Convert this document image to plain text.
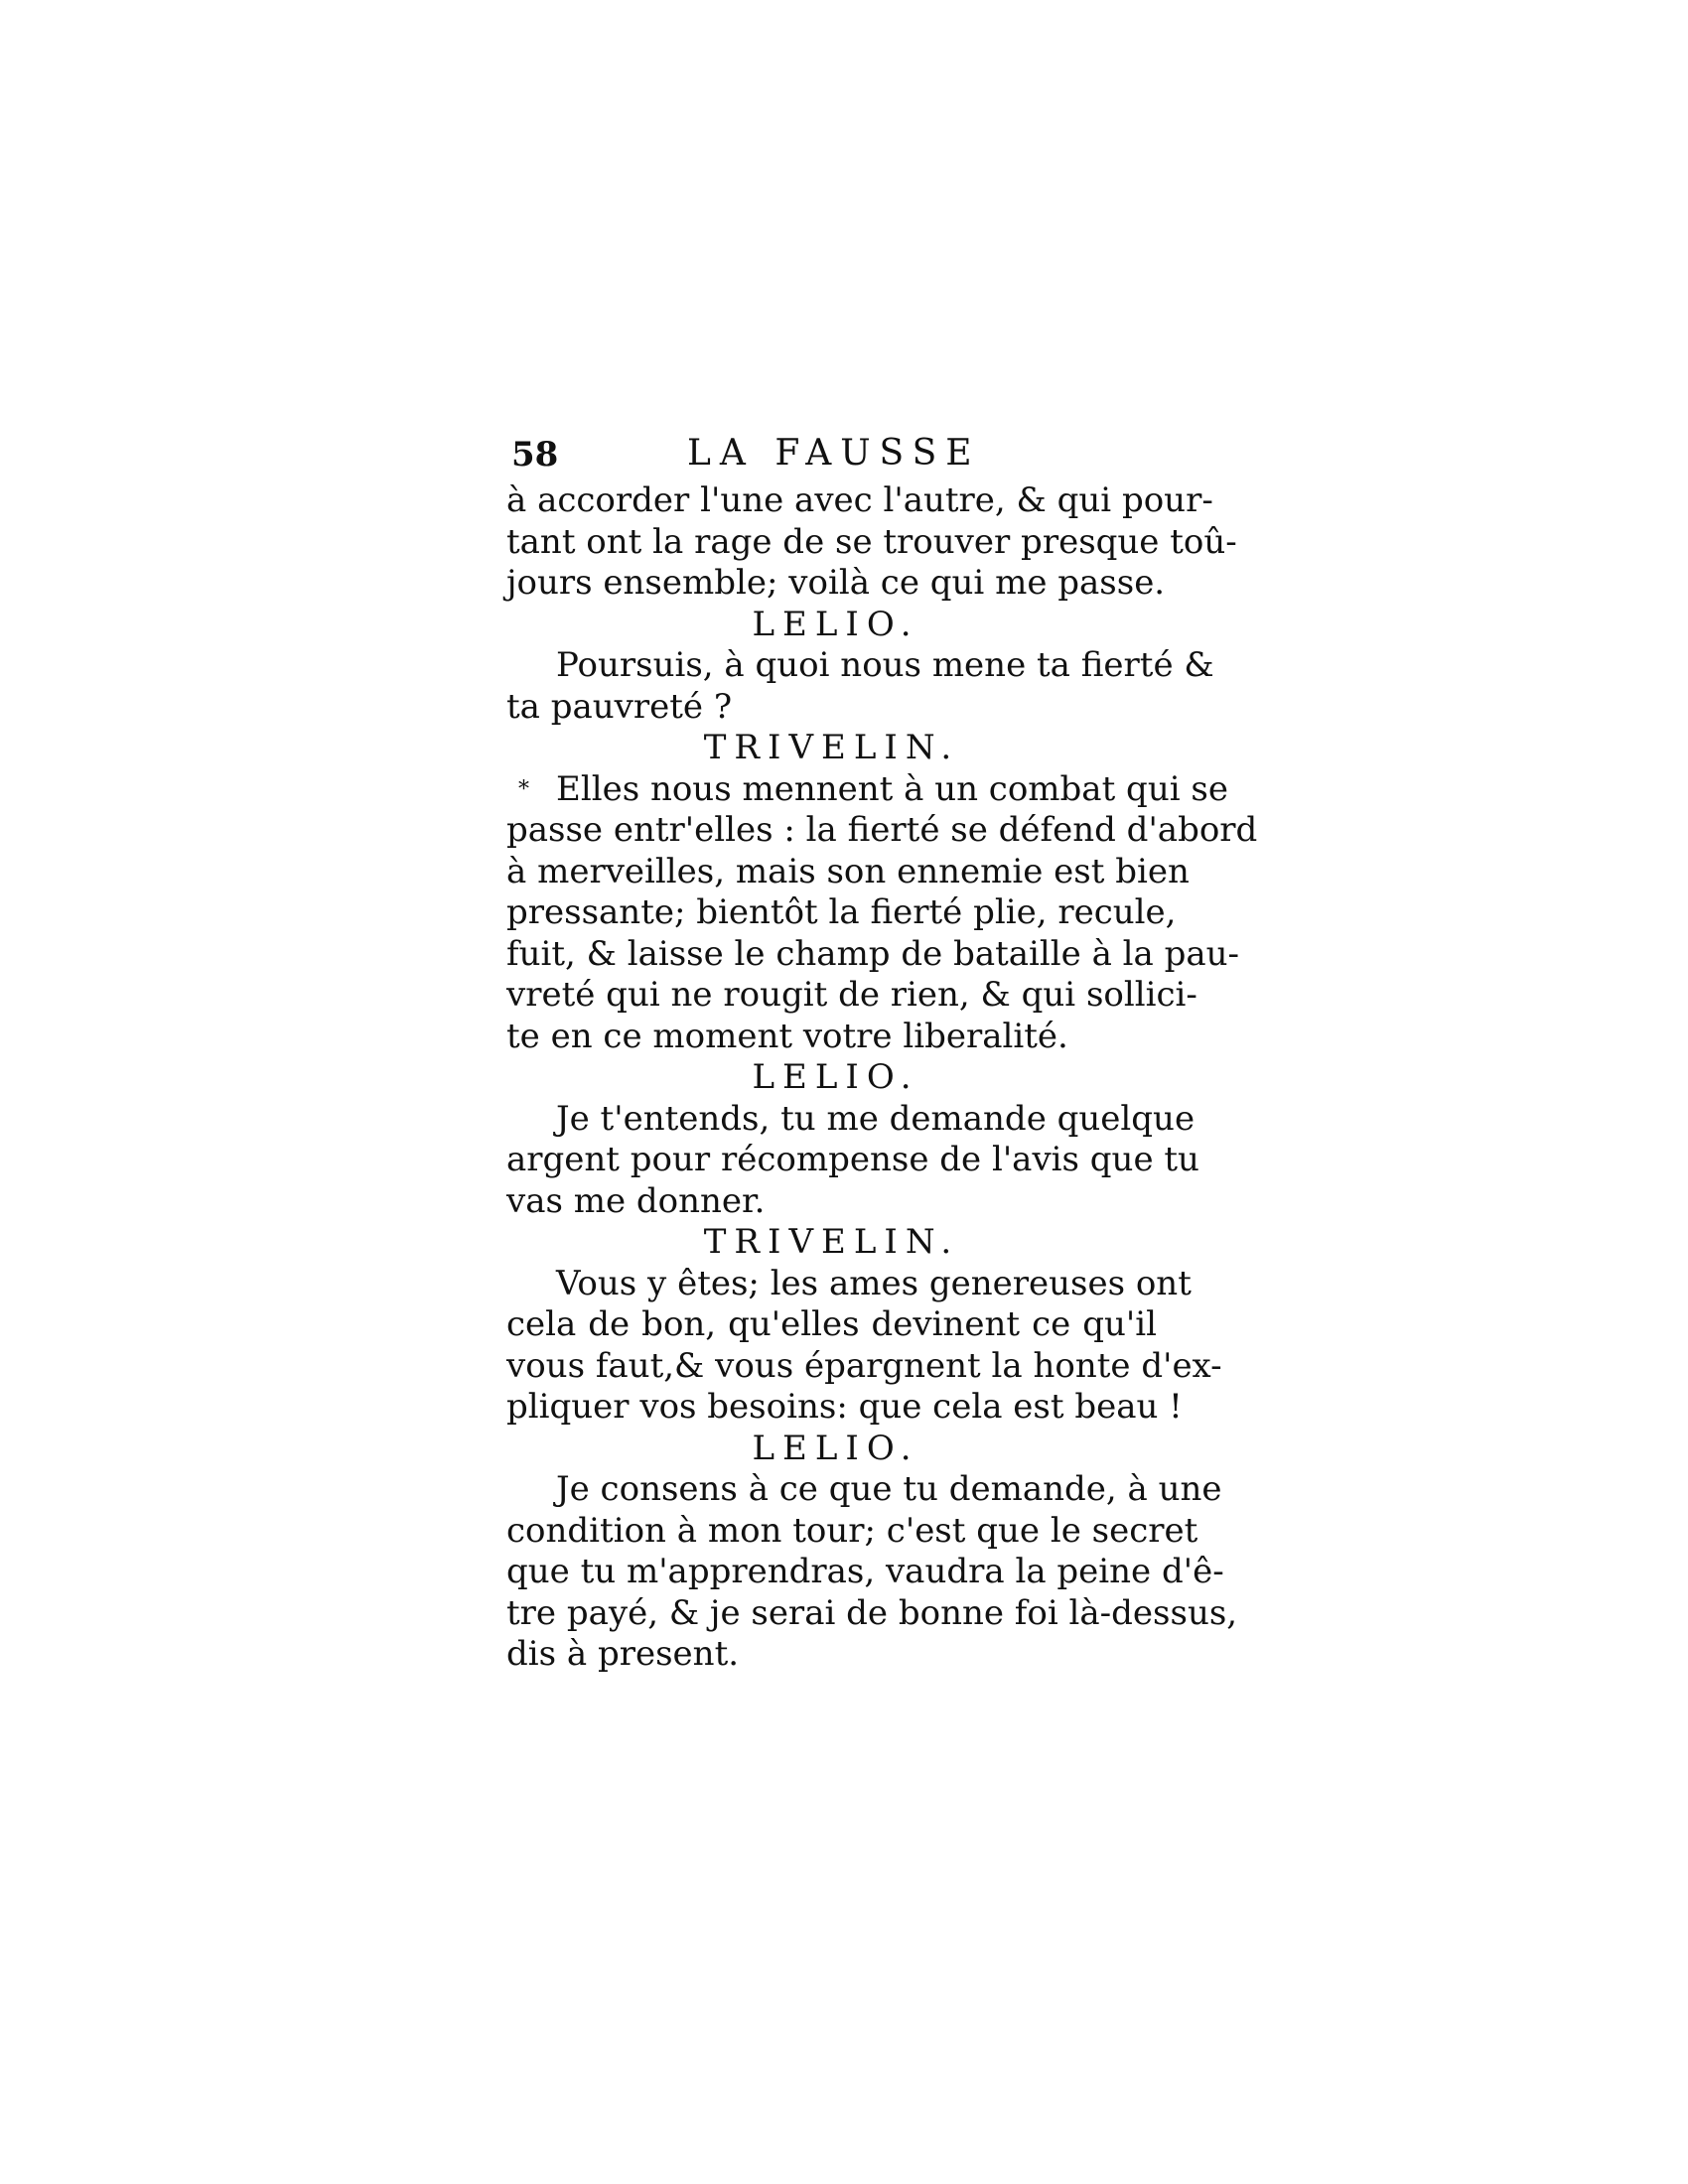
58	LA FAUSSE
à accorder l'une avec l'autre, & qui pour-
tant ont la rage de se trouver presque toû-
jours ensemble; voilà ce qui me passe.
LELIO.
Poursuis, à quoi nous mene ta fierté &
ta pauvreté ?
TRIVELIN.
* Elles nous mennent à un combat qui se
passe entr'elles : la fierté se défend d'abord
à merveilles, mais son ennemie est bien
pressante; bientôt la fierté plie, recule,
fuit, & laisse le champ de bataille à la pau-
vreté qui ne rougit de rien, & qui sollici-
te en ce moment votre liberalité.
LELIO.
Je t'entends, tu me demande quelque
argent pour récompense de l'avis que tu
vas me donner.
TRIVELIN.
Vous y êtes; les ames genereuses ont
cela de bon, qu'elles devinent ce qu'il
vous faut,& vous épargnent la honte d'ex-
pliquer vos besoins: que cela est beau !
LELIO.
Je consens à ce que tu demande, à une
condition à mon tour; c'est que le secret
que tu m'apprendras, vaudra la peine d'ê-
tre payé, & je serai de bonne foi là-dessus,
dis à present.
